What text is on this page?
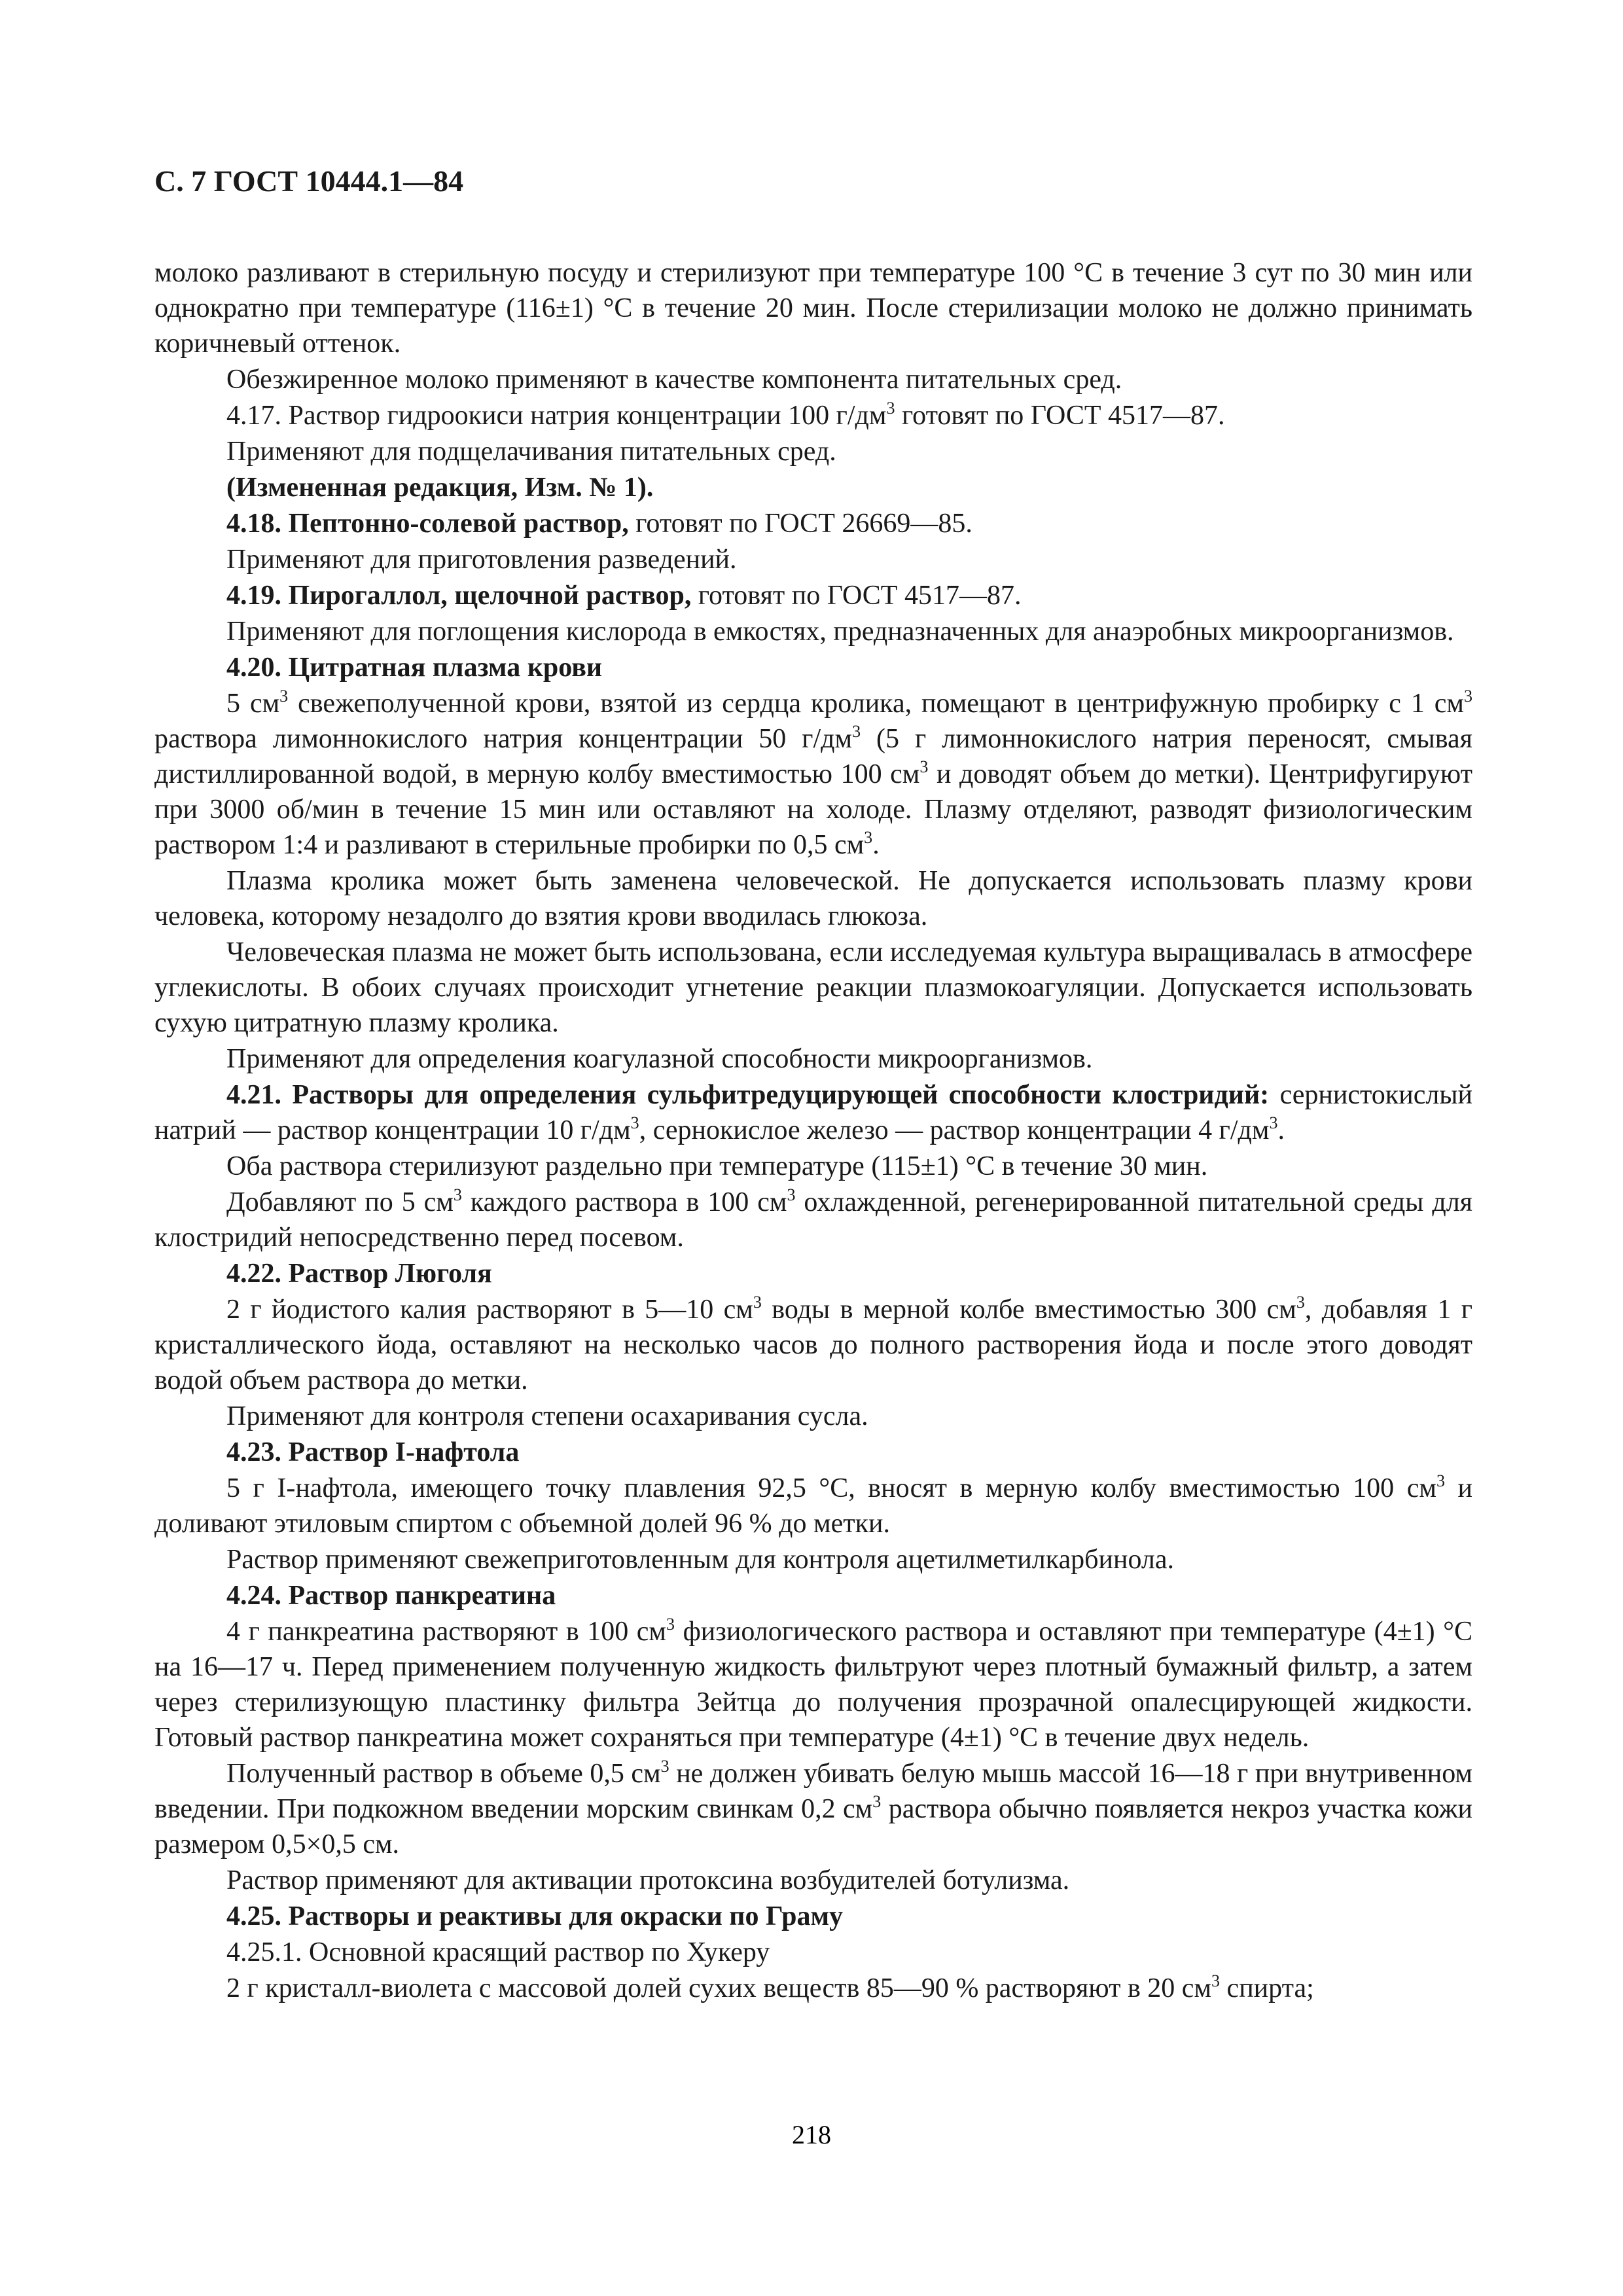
С. 7 ГОСТ 10444.1—84

молоко разливают в стерильную посуду и стерилизуют при температуре 100 °С в течение 3 сут по 30 мин или однократно при температуре (116±1) °С в течение 20 мин. После стерилизации молоко не должно принимать коричневый оттенок.

Обезжиренное молоко применяют в качестве компонента питательных сред.

4.17. Раствор гидроокиси натрия концентрации 100 $г/дм^3$ готовят по ГОСТ 4517—87.

Применяют для подщелачивания питательных сред.

(Измененная редакция, Изм. № 1).

4.18. Пептонно-солевой раствор, готовят по ГОСТ 26669—85.

Применяют для приготовления разведений.

4.19. Пирогаллол, щелочной раствор, готовят по ГОСТ 4517—87.

Применяют для поглощения кислорода в емкостях, предназначенных для анаэробных микроорганизмов.

4.20. Цитратная плазма крови

5 $см^3$ свежеполученной крови, взятой из сердца кролика, помещают в центрифужную пробирку с 1 $см^3$ раствора лимоннокислого натрия концентрации 50 $г/дм^3$ (5 г лимоннокислого натрия переносят, смывая дистиллированной водой, в мерную колбу вместимостью 100 $см^3$ и доводят объем до метки). Центрифугируют при 3000 об/мин в течение 15 мин или оставляют на холоде. Плазму отделяют, разводят физиологическим раствором 1:4 и разливают в стерильные пробирки по 0,5 $см^3$.

Плазма кролика может быть заменена человеческой. Не допускается использовать плазму крови человека, которому незадолго до взятия крови вводилась глюкоза.

Человеческая плазма не может быть использована, если исследуемая культура выращивалась в атмосфере углекислоты. В обоих случаях происходит угнетение реакции плазмокоагуляции. Допускается использовать сухую цитратную плазму кролика.

Применяют для определения коагулазной способности микроорганизмов.

4.21. Растворы для определения сульфитредуцирующей способности клостридий: сернистокислый натрий — раствор концентрации 10 $г/дм^3$, сернокислое железо — раствор концентрации 4 $г/дм^3$.

Оба раствора стерилизуют раздельно при температуре (115±1) °С в течение 30 мин.

Добавляют по 5 $см^3$ каждого раствора в 100 $см^3$ охлажденной, регенерированной питательной среды для клостридий непосредственно перед посевом.

4.22. Раствор Люголя

2 г йодистого калия растворяют в 5—10 $см^3$ воды в мерной колбе вместимостью 300 $см^3$, добавляя 1 г кристаллического йода, оставляют на несколько часов до полного растворения йода и после этого доводят водой объем раствора до метки.

Применяют для контроля степени осахаривания сусла.

4.23. Раствор I-нафтола

5 г I-нафтола, имеющего точку плавления 92,5 °С, вносят в мерную колбу вместимостью 100 $см^3$ и доливают этиловым спиртом с объемной долей 96 % до метки.

Раствор применяют свежеприготовленным для контроля ацетилметилкарбинола.

4.24. Раствор панкреатина

4 г панкреатина растворяют в 100 $см^3$ физиологического раствора и оставляют при температуре (4±1) °С на 16—17 ч. Перед применением полученную жидкость фильтруют через плотный бумажный фильтр, а затем через стерилизующую пластинку фильтра Зейтца до получения прозрачной опалесцирующей жидкости. Готовый раствор панкреатина может сохраняться при температуре (4±1) °С в течение двух недель.

Полученный раствор в объеме 0,5 $см^3$ не должен убивать белую мышь массой 16—18 г при внутривенном введении. При подкожном введении морским свинкам 0,2 $см^3$ раствора обычно появляется некроз участка кожи размером 0,5×0,5 см.

Раствор применяют для активации протоксина возбудителей ботулизма.

4.25. Растворы и реактивы для окраски по Граму

4.25.1. Основной красящий раствор по Хукеру

2 г кристалл-виолета с массовой долей сухих веществ 85—90 % растворяют в 20 $см^3$ спирта;

218
